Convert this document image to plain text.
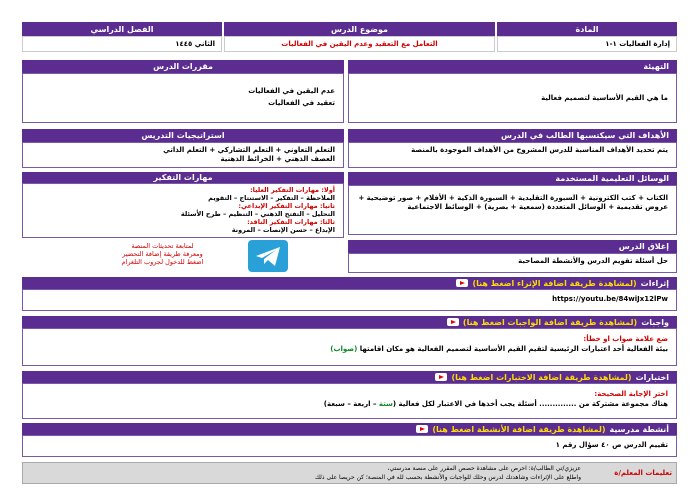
المادة
موضوع الدرس
الفصل الدراسي
إدارة الفعاليات ١-١
التعامل مع التعقيد وعدم اليقين في الفعاليات
الثاني ١٤٤٥
التهيئة
ما هي القيم الأساسية لتصميم فعالية
الأهداف التي سيكتسبها الطالب في الدرس
يتم تحديد الأهداف المناسبة للدرس المشروح من الأهداف الموجودة بالمنصة
الوسائل التعليمية المستخدمة
الكتاب + كتب الكترونية + السبورة التقليدية + السبورة الذكية + الأفلام + صور توضيحية + عروض تقديمية + الوسائل المتعددة (سمعية + بصرية) + الوسائط الاجتماعية
إغلاق الدرس
حل أسئلة تقويم الدرس والأنشطة المصاحبة
مقررات الدرس
عدم اليقين في الفعاليات
تعقيد في الفعاليات
استراتيجيات التدريس
التعلم التعاوني + التعلم التشاركي + التعلم الذاتي
العصف الذهني + الخرائط الذهنية
مهارات التفكير
أولا: مهارات التفكير العليا:
الملاحظة – التفكير – الاستنتاج – التقويم
ثانيا: مهارات التفكير الإبداعي:
التحليل – التفتح الذهني – التنظيم – طرح الأسئلة
ثالثا: مهارات التفكير الناقد:
الإبداع – حسن الإنصات – المرونة
لمتابعة تحديثات المنصة
ومعرفة طريقة إضافة التحضير
اضغط للدخول لجروب التلغرام
إثراءات
(لمشاهدة طريقة اضافة الإثراء اضغط هنا)
https://youtu.be/84wiJx12lPw
واجبات
(لمشاهدة طريقة اضافة الواجبات اضغط هنا)
ضع علامة صواب او خطأ:
بيئة الفعالية أحد اعتبارات الرئيسية لتقيم القيم الأساسية لتصميم الفعالية هو مكان اقامتها (صواب)
اختبارات
(لمشاهدة طريقة اضافة الاختبارات اضغط هنا)
اختر الإجابة الصحيحة:
هناك مجموعة مشتركة من .............. أسئلة يجب أخذها في الاعتبار لكل فعالية (ستة – اربعة – سبعة)
أنشطة مدرسية
(لمشاهدة طريقة اضافة الأنشطة اضغط هنا)
تقييم الدرس ص ٤٠ سؤال رقم ١
تعليمات المعلم/ة
عزيزي/تي الطالب/ة: احرص على مشاهدة حصص المقرر على منصة مدرستي،
واطلع على الإثراءات وشاهدتك لدرس وحلك للواجبات والأنشطة بحسب لله في المنصة؛ كن حريصا على ذلك
